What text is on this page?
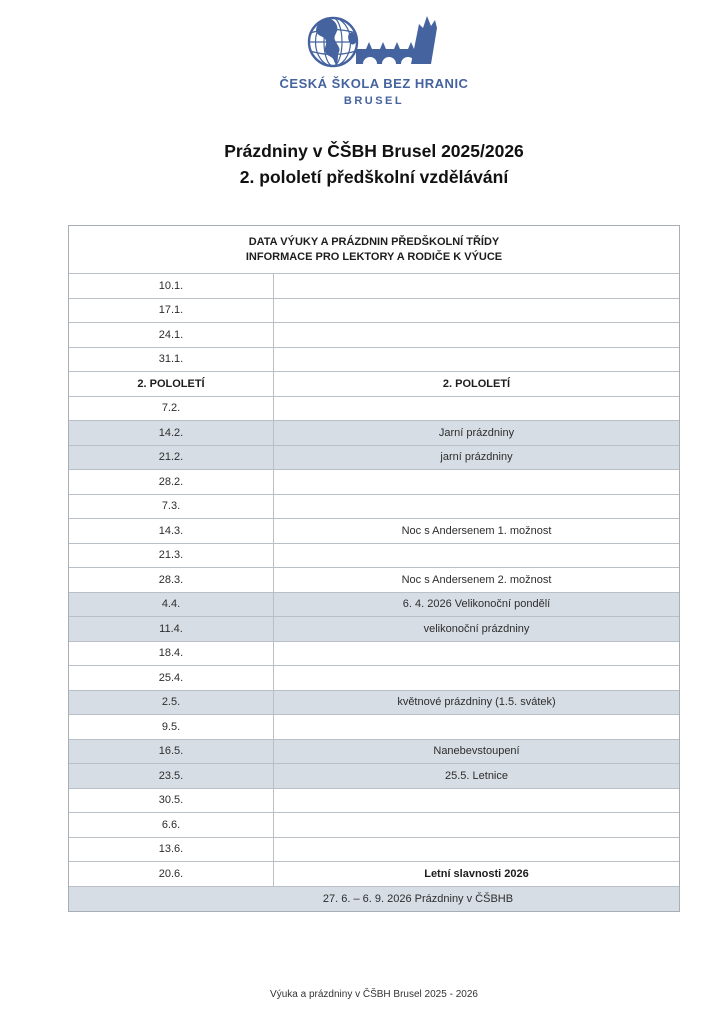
ČESKÁ ŠKOLA BEZ HRANIC
BRUSEL
Prázdniny v ČŠBH Brusel 2025/2026
2. pololetí předškolní vzdělávání
DATA VÝUKY A PRÁZDNIN PŘEDŠKOLNÍ TŘÍDY
INFORMACE PRO LEKTORY A RODIČE K VÝUCE
10.1.
17.1.
24.1.
31.1.
2. POLOLETÍ	2. POLOLETÍ
7.2.
14.2.	Jarní prázdniny
21.2.	jarní prázdniny
28.2.
7.3.
14.3.	Noc s Andersenem 1. možnost
21.3.
28.3.	Noc s Andersenem 2. možnost
4.4.	6. 4. 2026 Velikonoční pondělí
11.4.	velikonoční prázdniny
18.4.
25.4.
2.5.	květnové prázdniny (1.5. svátek)
9.5.
16.5.	Nanebevstoupení
23.5.	25.5. Letnice
30.5.
6.6.
13.6.
20.6.	Letní slavnosti 2026
27. 6. – 6. 9. 2026 Prázdniny v ČŠBHB
Výuka a prázdniny v ČŠBH Brusel 2025 - 2026
